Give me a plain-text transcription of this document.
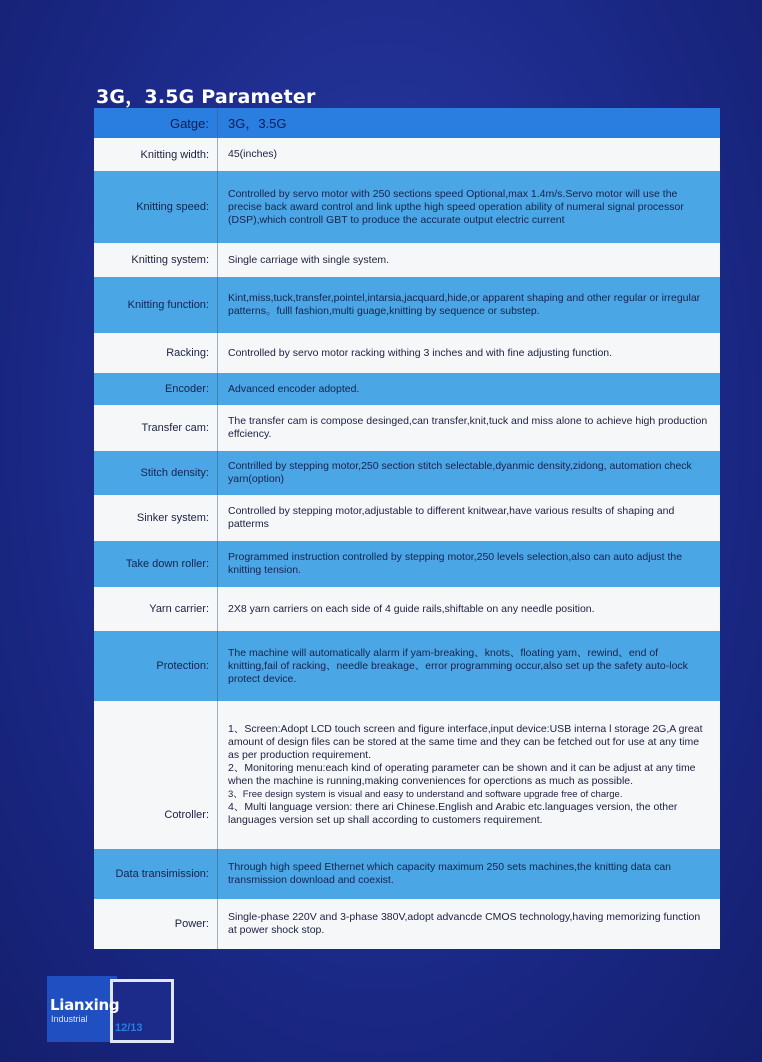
3G，3.5G Parameter
Gatge:	3G，3.5G
Knitting width:	45(inches)
Knitting speed:
Controlled by servo motor with 250 sections speed Optional,max 1.4m/s.Servo motor will use the precise back award control and link upthe high speed operation ability of numeral signal processor (DSP),which controll GBT to produce the accurate output electric current
Knitting system:	Single carriage with single system.
Knitting function:
Kint,miss,tuck,transfer,pointel,intarsia,jacquard,hide,or apparent shaping and other regular or irregular patterns。fulll fashion,multi guage,knitting by sequence or substep.
Racking:	Controlled by servo motor racking withing 3 inches and with fine adjusting function.
Encoder:	Advanced encoder adopted.
Transfer cam:
The transfer cam is compose desinged,can transfer,knit,tuck and miss alone to achieve high production effciency.
Stitch density:
Contrilled by stepping motor,250 section stitch selectable,dyanmic density,zidong, automation check yarn(option)
Sinker system:
Controlled by stepping motor,adjustable to different knitwear,have various results of shaping and patterms
Take down roller:
Programmed instruction controlled by stepping motor,250 levels selection,also can auto adjust the knitting tension.
Yarn carrier:	2X8 yarn carriers on each side of 4 guide rails,shiftable on any needle position.
Protection:
The machine will automatically alarm if yam-breaking、knots、floating yam、rewind、end of knitting,fail of racking、needle breakage、error programming occur,also set up the safety auto-lock protect device.
Cotroller:
1、Screen:Adopt LCD touch screen and figure interface,input device:USB interna l storage 2G,A great amount of design files can be stored at the same time and they can be fetched out for use at any time as per production requirement.
2、Monitoring menu:each kind of operating parameter can be shown and it can be adjust at any time when the machine is running,making conveniences for operctions as much as possible.
3、Free design system is visual and easy to understand and software upgrade free of charge.
4、Multi language version: there ari Chinese.English and Arabic etc.languages version, the other languages version set up shall according to customers requirement.
Data transimission:
Through high speed Ethernet which capacity maximum 250 sets machines,the knitting data can transmission download and coexist.
Power:
Single-phase 220V and 3-phase 380V,adopt advancde CMOS technology,having memorizing function at power shock stop.
Lianxing
Industrial
12/13
